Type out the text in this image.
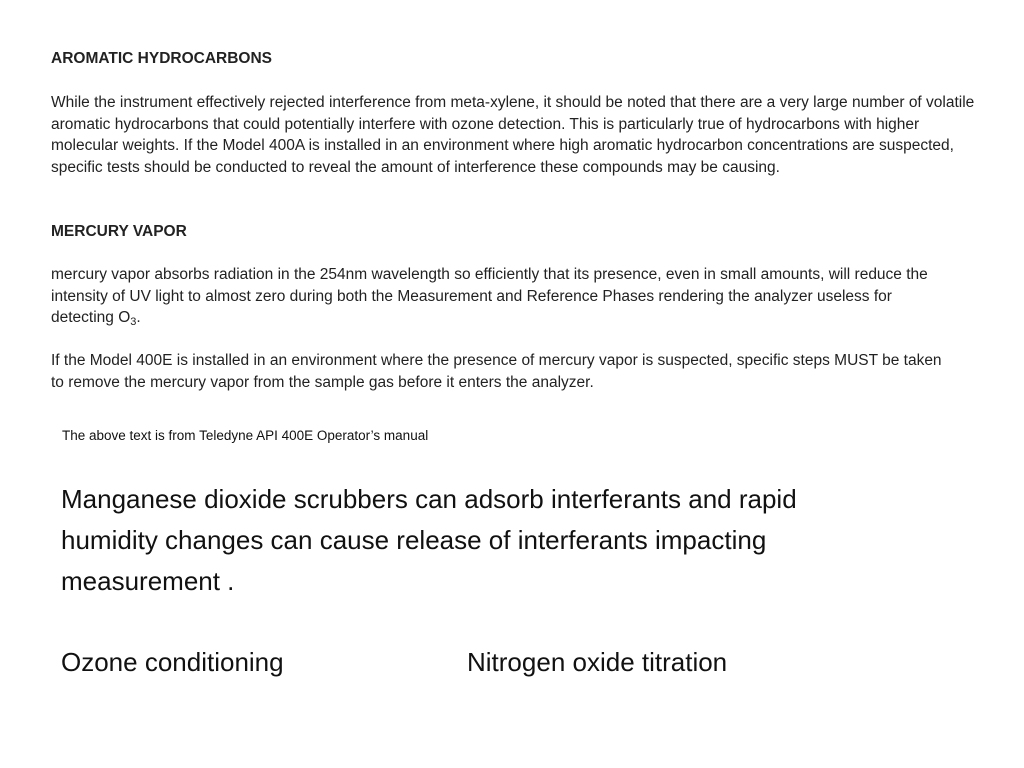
AROMATIC HYDROCARBONS

While the instrument effectively rejected interference from meta-xylene, it should be noted that there are a very large number of volatile aromatic hydrocarbons that could potentially interfere with ozone detection. This is particularly true of hydrocarbons with higher molecular weights. If the Model 400A is installed in an environment where high aromatic hydrocarbon concentrations are suspected, specific tests should be conducted to reveal the amount of interference these compounds may be causing.

MERCURY VAPOR

mercury vapor absorbs radiation in the 254nm wavelength so efficiently that its presence, even in small amounts, will reduce the intensity of UV light to almost zero during both the Measurement and Reference Phases rendering the analyzer useless for detecting $O_3$.

If the Model 400E is installed in an environment where the presence of mercury vapor is suspected, specific steps MUST be taken to remove the mercury vapor from the sample gas before it enters the analyzer.

The above text is from Teledyne API 400E Operator’s manual

Manganese dioxide scrubbers can adsorb interferants and rapid humidity changes can cause release of interferants impacting measurement .

Ozone conditioning	Nitrogen oxide titration
